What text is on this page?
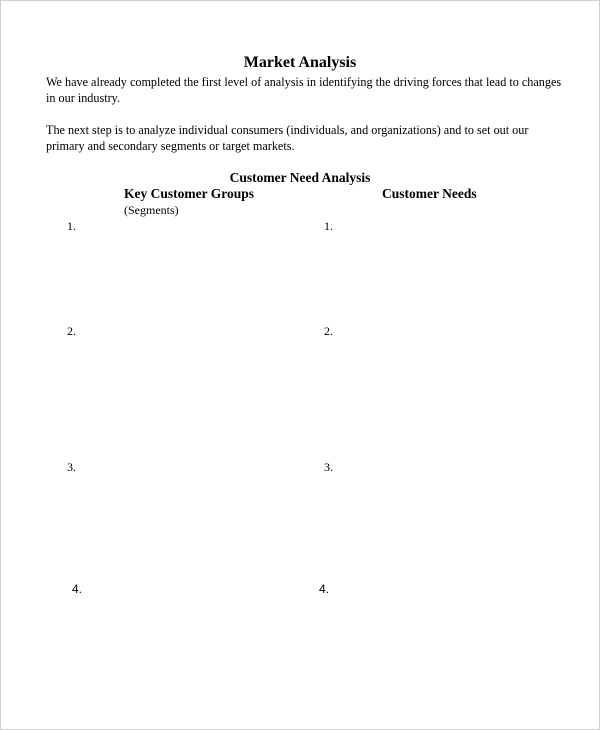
Market Analysis

We have already completed the first level of analysis in identifying the driving forces that lead to changes in our industry.

The next step is to analyze individual consumers (individuals, and organizations) and to set out our primary and secondary segments or target markets.

Customer Need Analysis
Key Customer Groups	Customer Needs
(Segments)
1.	1.
2.	2.
3.	3.
4.	4.
